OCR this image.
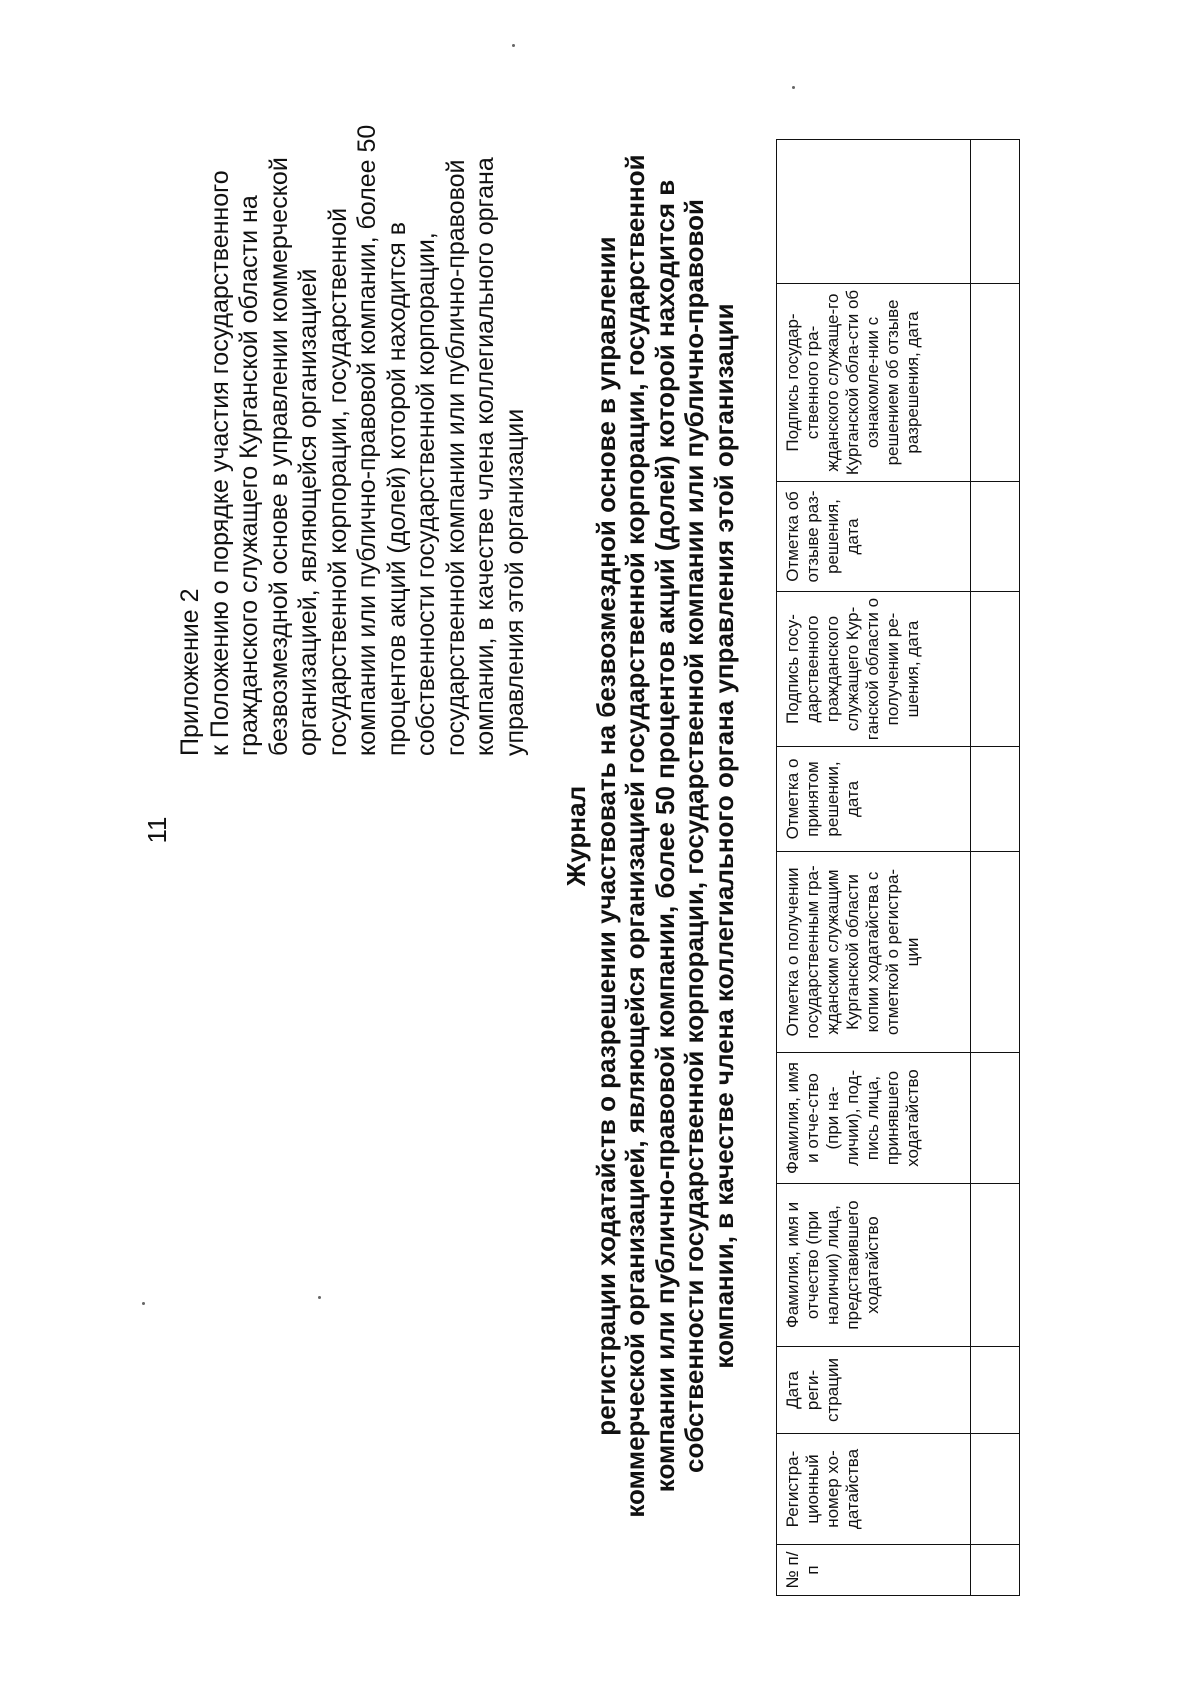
11
Приложение 2 к Положению о порядке участия государственного гражданского служащего Курганской области на безвозмездной основе в управлении коммерческой организацией, являющейся организацией государственной корпорации, государственной компании или публично-правовой компании, более 50 процентов акций (долей) которой находится в собственности государственной корпорации, государственной компании или публично-правовой компании, в качестве члена коллегиального органа управления этой организации
Журнал регистрации ходатайств о разрешении участвовать на безвозмездной основе в управлении коммерческой организацией, являющейся организацией государственной корпорации, государственной компании или публично-правовой компании, более 50 процентов акций (долей) которой находится в собственности государственной корпорации, государственной компании или публично-правовой компании, в качестве члена коллегиального органа управления этой организации
№ п/п	Регистра-ционный номер хо-датайства	Дата реги-страции	Фамилия, имя и отчество (при наличии) лица, представившего ходатайство	Фамилия, имя и отче-ство (при на-личии), под-пись лица, принявшего ходатайство	Отметка о получении государственным гра-жданским служащим Курганской области копии ходатайства с отметкой о регистра-ции	Отметка о принятом решении, дата	Подпись госу-дарственного гражданского служащего Кур-ганской области о получении ре-шения, дата	Отметка об отзыве раз-решения, дата	Подпись государ-ственного гра-жданского служаще-го Курганской обла-сти об ознакомле-нии с решением об отзыве разрешения, дата	
